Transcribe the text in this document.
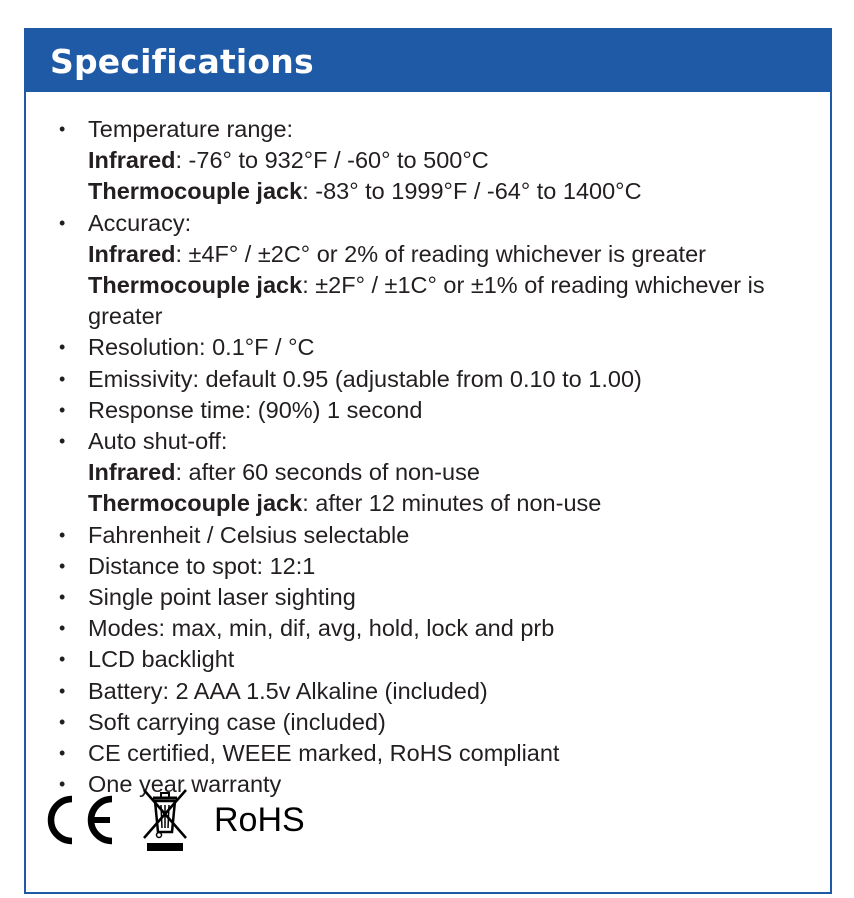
Specifications
• Temperature range:
Infrared: -76° to 932°F / -60° to 500°C
Thermocouple jack: -83° to 1999°F / -64° to 1400°C
• Accuracy:
Infrared: ±4F° / ±2C° or 2% of reading whichever is greater
Thermocouple jack: ±2F° / ±1C° or ±1% of reading whichever is greater
• Resolution: 0.1°F / °C
• Emissivity: default 0.95 (adjustable from 0.10 to 1.00)
• Response time: (90%) 1 second
• Auto shut-off:
Infrared: after 60 seconds of non-use
Thermocouple jack: after 12 minutes of non-use
• Fahrenheit / Celsius selectable
• Distance to spot: 12:1
• Single point laser sighting
• Modes: max, min, dif, avg, hold, lock and prb
• LCD backlight
• Battery: 2 AAA 1.5v Alkaline (included)
• Soft carrying case (included)
• CE certified, WEEE marked, RoHS compliant
• One year warranty
RoHS
